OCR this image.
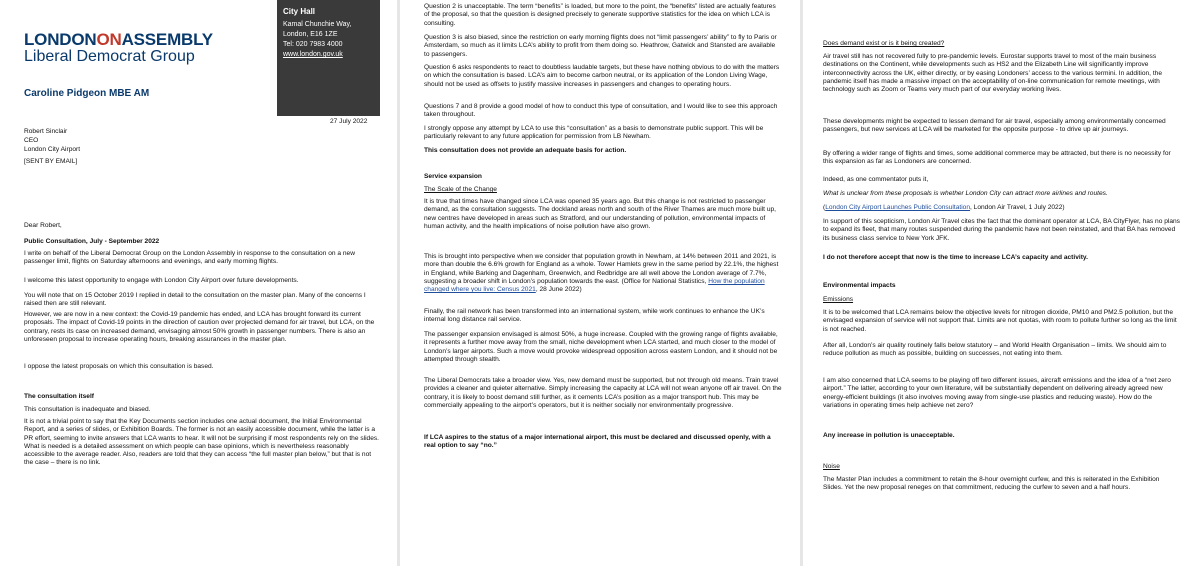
LONDONONASSEMBLY
Liberal Democrat Group
City Hall
Kamal Chunchie Way,
London, E16 1ZE
Tel: 020 7983 4000
www.london.gov.uk
Caroline Pidgeon MBE AM
27 July 2022
Robert Sinclair
CEO
London City Airport
[SENT BY EMAIL]
Dear Robert,
Public Consultation, July - September 2022
I write on behalf of the Liberal Democrat Group on the London Assembly in response to the consultation on a new passenger limit, flights on Saturday afternoons and evenings, and early morning flights.
I welcome this latest opportunity to engage with London City Airport over future developments.
You will note that on 15 October 2019 I replied in detail to the consultation on the master plan. Many of the concerns I raised then are still relevant.
However, we are now in a new context: the Covid-19 pandemic has ended, and LCA has brought forward its current proposals. The impact of Covid-19 points in the direction of caution over projected demand for air travel, but LCA, on the contrary, rests its case on increased demand, envisaging almost 50% growth in passenger numbers. There is also an unforeseen proposal to increase operating hours, breaking assurances in the master plan.
I oppose the latest proposals on which this consultation is based.
The consultation itself
This consultation is inadequate and biased.
It is not a trivial point to say that the Key Documents section includes one actual document, the Initial Environmental Report, and a series of slides, or Exhibition Boards. The former is not an easily accessible document, while the latter is a PR effort, seeming to invite answers that LCA wants to hear. It will not be surprising if most respondents rely on the slides. What is needed is a detailed assessment on which people can base opinions, which is nevertheless reasonably accessible to the average reader. Also, readers are told that they can access “the full master plan below,” but that is not the case – there is no link.
Question 2 is unacceptable. The term “benefits” is loaded, but more to the point, the “benefits” listed are actually features of the proposal, so that the question is designed precisely to generate supportive statistics for the idea on which LCA is consulting.
Question 3 is also biased, since the restriction on early morning flights does not “limit passengers’ ability” to fly to Paris or Amsterdam, so much as it limits LCA’s ability to profit from them doing so. Heathrow, Gatwick and Stansted are available to passengers.
Question 6 asks respondents to react to doubtless laudable targets, but these have nothing obvious to do with the matters on which the consultation is based. LCA’s aim to become carbon neutral, or its application of the London Living Wage, should not be used as offsets to justify massive increases in passengers and changes to operating hours.
Questions 7 and 8 provide a good model of how to conduct this type of consultation, and I would like to see this approach taken throughout.
I strongly oppose any attempt by LCA to use this “consultation” as a basis to demonstrate public support. This will be particularly relevant to any future application for permission from LB Newham.
This consultation does not provide an adequate basis for action.
Service expansion
The Scale of the Change
It is true that times have changed since LCA was opened 35 years ago. But this change is not restricted to passenger demand, as the consultation suggests. The dockland areas north and south of the River Thames are much more built up, new centres have developed in areas such as Stratford, and our understanding of pollution, environmental impacts of human activity, and the health implications of noise pollution have also grown.
This is brought into perspective when we consider that population growth in Newham, at 14% between 2011 and 2021, is more than double the 6.6% growth for England as a whole. Tower Hamlets grew in the same period by 22.1%, the highest in England, while Barking and Dagenham, Greenwich, and Redbridge are all well above the London average of 7.7%, suggesting a broader shift in London’s population towards the east. (Office for National Statistics, How the population changed where you live: Census 2021, 28 June 2022)
Finally, the rail network has been transformed into an international system, while work continues to enhance the UK’s internal long distance rail service.
The passenger expansion envisaged is almost 50%, a huge increase. Coupled with the growing range of flights available, it represents a further move away from the small, niche development when LCA started, and much closer to the model of London’s larger airports. Such a move would provoke widespread opposition across eastern London, and it should not be attempted through stealth.
The Liberal Democrats take a broader view. Yes, new demand must be supported, but not through old means. Train travel provides a cleaner and quieter alternative. Simply increasing the capacity at LCA will not wean anyone off air travel. On the contrary, it is likely to boost demand still further, as it cements LCA’s position as a major transport hub. This may be commercially appealing to the airport’s operators, but it is neither socially nor environmentally progressive.
If LCA aspires to the status of a major international airport, this must be declared and discussed openly, with a real option to say “no.”
Does demand exist or is it being created?
Air travel still has not recovered fully to pre-pandemic levels. Eurostar supports travel to most of the main business destinations on the Continent, while developments such as HS2 and the Elizabeth Line will significantly improve interconnectivity across the UK, either directly, or by easing Londoners’ access to the various termini. In addition, the pandemic itself has made a massive impact on the acceptability of on-line communication for remote meetings, with technology such as Zoom or Teams very much part of our everyday working lives.
These developments might be expected to lessen demand for air travel, especially among environmentally concerned passengers, but new services at LCA will be marketed for the opposite purpose - to drive up air journeys.
By offering a wider range of flights and times, some additional commerce may be attracted, but there is no necessity for this expansion as far as Londoners are concerned.
Indeed, as one commentator puts it,
What is unclear from these proposals is whether London City can attract more airlines and routes.
(London City Airport Launches Public Consultation, London Air Travel, 1 July 2022)
In support of this scepticism, London Air Travel cites the fact that the dominant operator at LCA, BA CityFlyer, has no plans to expand its fleet, that many routes suspended during the pandemic have not been reinstated, and that BA has removed its business class service to New York JFK.
I do not therefore accept that now is the time to increase LCA’s capacity and activity.
Environmental impacts
Emissions
It is to be welcomed that LCA remains below the objective levels for nitrogen dioxide, PM10 and PM2.5 pollution, but the envisaged expansion of service will not support that. Limits are not quotas, with room to pollute further so long as the limit is not reached.
After all, London’s air quality routinely falls below statutory – and World Health Organisation – limits. We should aim to reduce pollution as much as possible, building on successes, not eating into them.
I am also concerned that LCA seems to be playing off two different issues, aircraft emissions and the idea of a “net zero airport.” The latter, according to your own literature, will be substantially dependent on delivering already agreed new energy-efficient buildings (it also involves moving away from single-use plastics and reducing waste). How do the variations in operating times help achieve net zero?
Any increase in pollution is unacceptable.
Noise
The Master Plan includes a commitment to retain the 8-hour overnight curfew, and this is reiterated in the Exhibition Slides. Yet the new proposal reneges on that commitment, reducing the curfew to seven and a half hours.
